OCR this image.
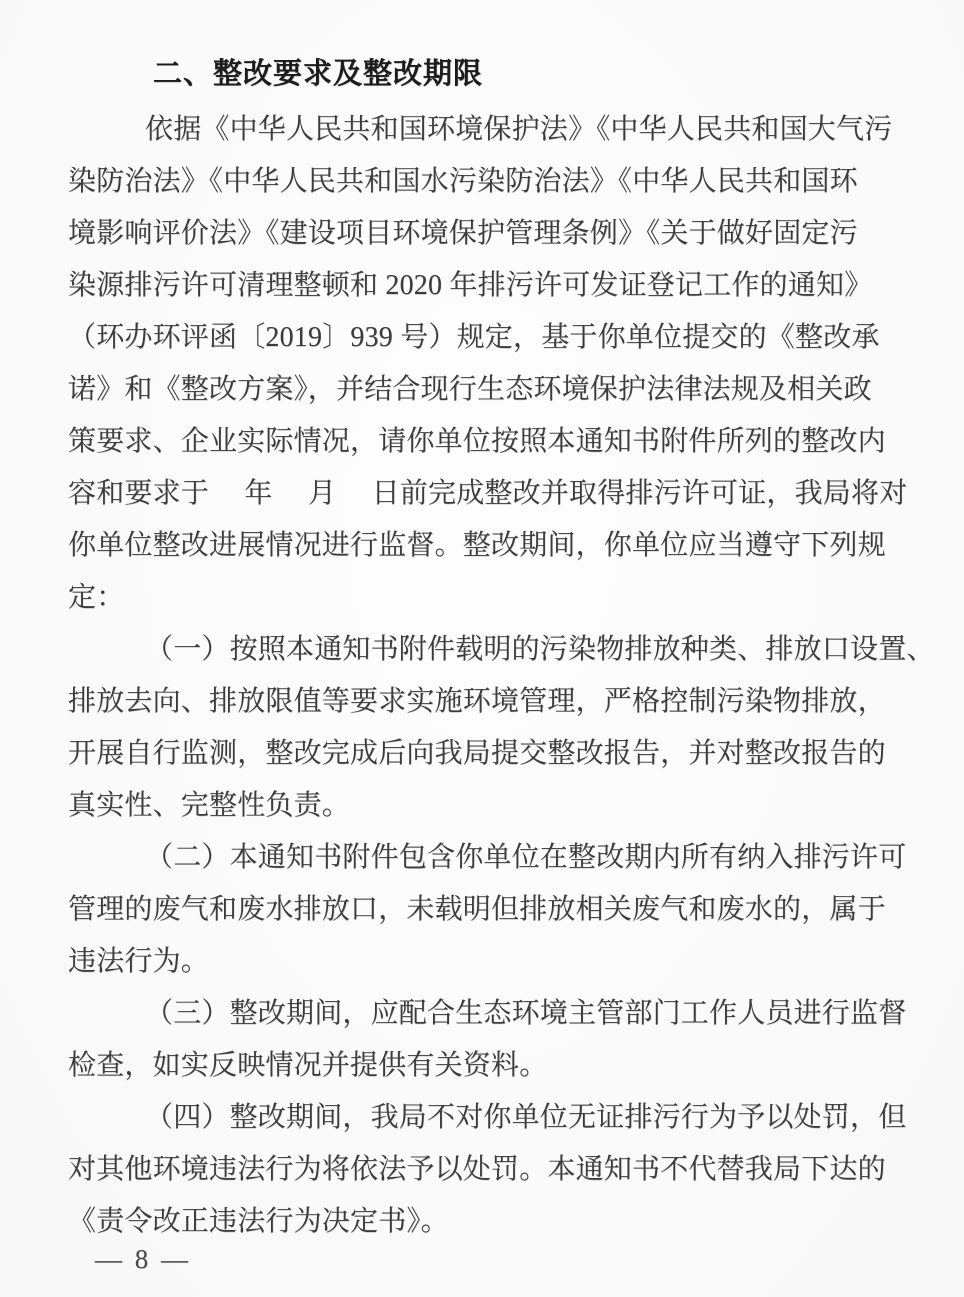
二、整改要求及整改期限
依据《中华人民共和国环境保护法》《中华人民共和国大气污
染防治法》《中华人民共和国水污染防治法》《中华人民共和国环
境影响评价法》《建设项目环境保护管理条例》《关于做好固定污
染源排污许可清理整顿和 2020 年排污许可发证登记工作的通知》
（环办环评函〔2019〕939 号）规定，基于你单位提交的《整改承
诺》和《整改方案》，并结合现行生态环境保护法律法规及相关政
策要求、企业实际情况，请你单位按照本通知书附件所列的整改内
容和要求于　 年　 月　 日前完成整改并取得排污许可证，我局将对
你单位整改进展情况进行监督。整改期间，你单位应当遵守下列规
定：
（一）按照本通知书附件载明的污染物排放种类、排放口设置、
排放去向、排放限值等要求实施环境管理，严格控制污染物排放，
开展自行监测，整改完成后向我局提交整改报告，并对整改报告的
真实性、完整性负责。
（二）本通知书附件包含你单位在整改期内所有纳入排污许可
管理的废气和废水排放口，未载明但排放相关废气和废水的，属于
违法行为。
（三）整改期间，应配合生态环境主管部门工作人员进行监督
检查，如实反映情况并提供有关资料。
（四）整改期间，我局不对你单位无证排污行为予以处罚，但
对其他环境违法行为将依法予以处罚。本通知书不代替我局下达的
《责令改正违法行为决定书》。
— 8 —
